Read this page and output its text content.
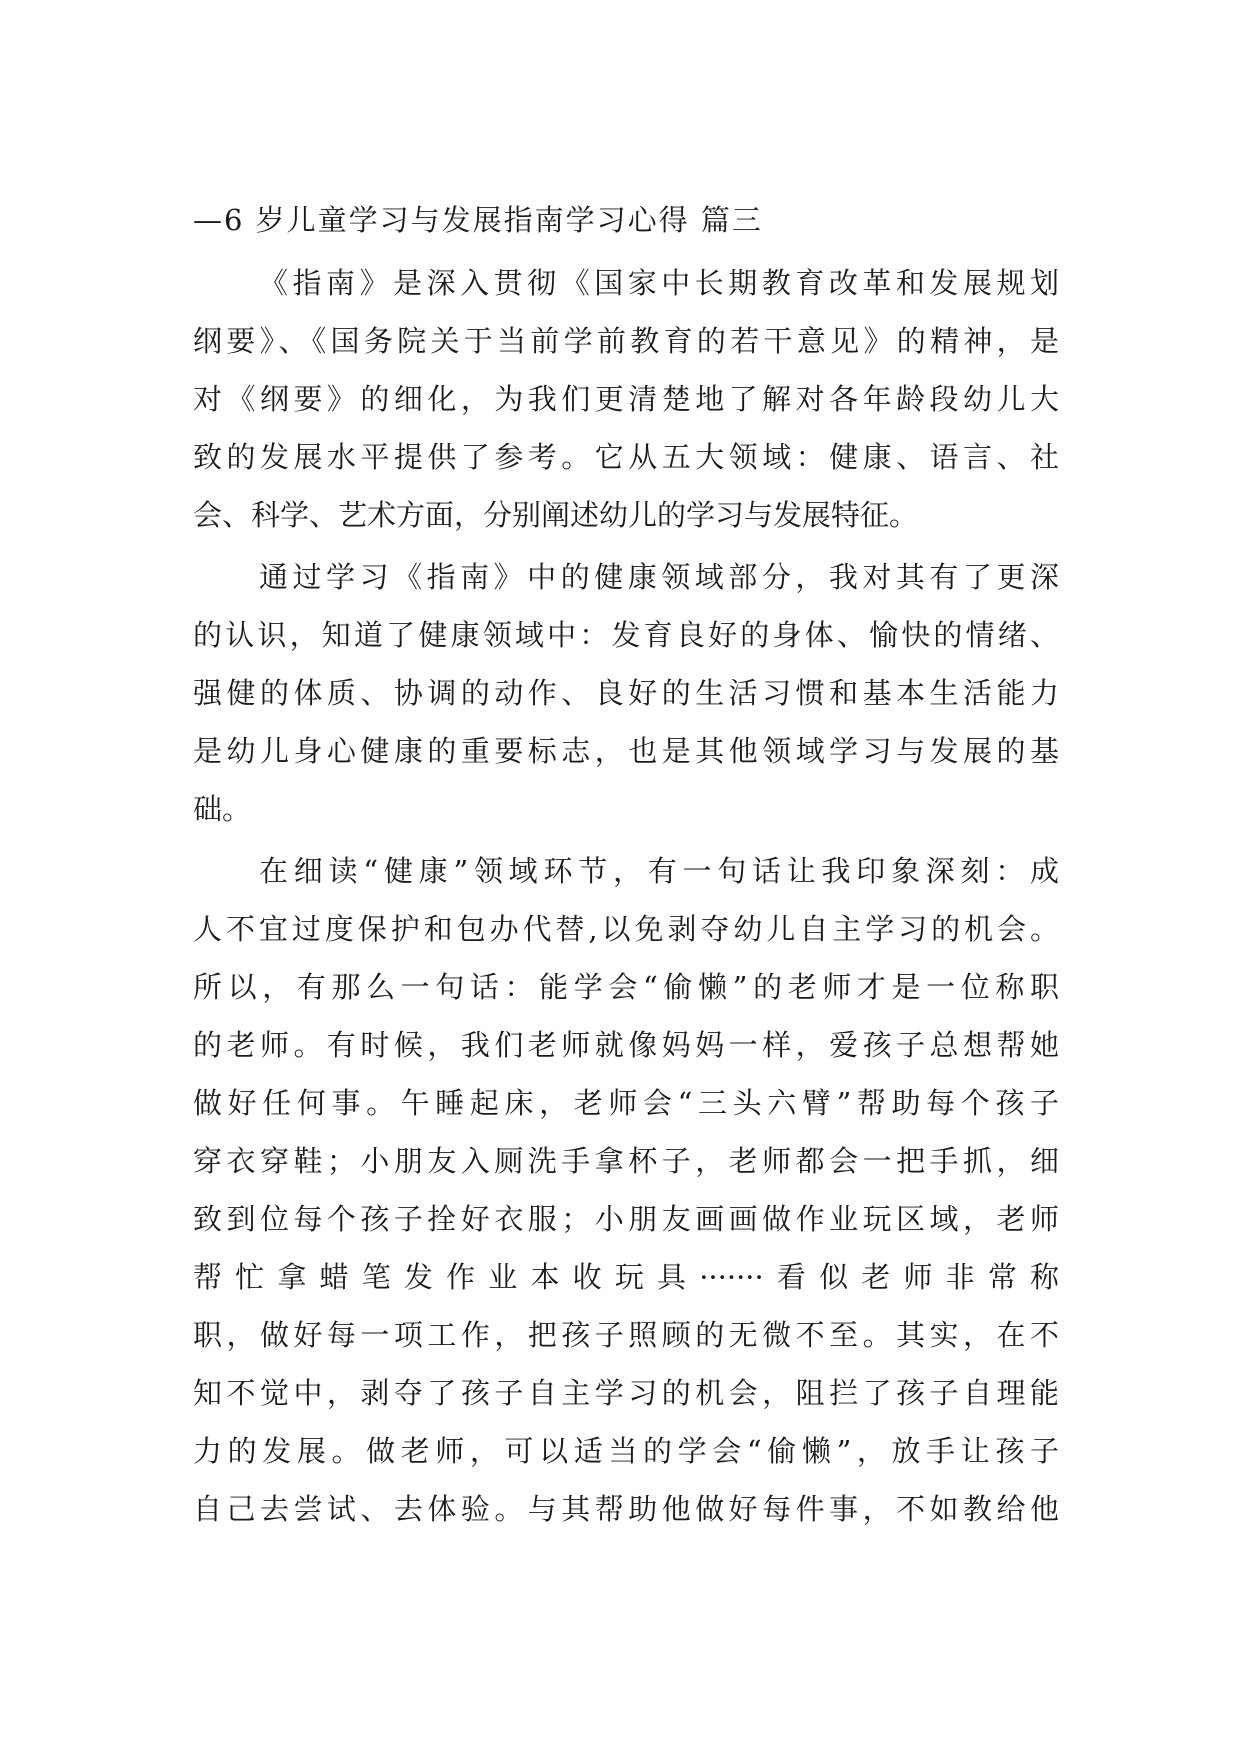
—6 岁儿童学习与发展指南学习心得 篇三
《指南》是深入贯彻《国家中长期教育改革和发展规划
纲要》、《国务院关于当前学前教育的若干意见》的精神，是
对《纲要》的细化，为我们更清楚地了解对各年龄段幼儿大
致的发展水平提供了参考。它从五大领域：健康、语言、社
会、科学、艺术方面，分别阐述幼儿的学习与发展特征。
通过学习《指南》中的健康领域部分，我对其有了更深
的认识，知道了健康领域中：发育良好的身体、愉快的情绪、
强健的体质、协调的动作、良好的生活习惯和基本生活能力
是幼儿身心健康的重要标志，也是其他领域学习与发展的基
础。
在细读“健康”领域环节，有一句话让我印象深刻：成
人不宜过度保护和包办代替,以免剥夺幼儿自主学习的机会。
所以，有那么一句话：能学会“偷懒”的老师才是一位称职
的老师。有时候，我们老师就像妈妈一样，爱孩子总想帮她
做好任何事。午睡起床，老师会“三头六臂”帮助每个孩子
穿衣穿鞋；小朋友入厕洗手拿杯子，老师都会一把手抓，细
致到位每个孩子拴好衣服；小朋友画画做作业玩区域，老师
帮忙拿蜡笔发作业本收玩具·······看似老师非常称
职，做好每一项工作，把孩子照顾的无微不至。其实，在不
知不觉中，剥夺了孩子自主学习的机会，阻拦了孩子自理能
力的发展。做老师，可以适当的学会“偷懒”，放手让孩子
自己去尝试、去体验。与其帮助他做好每件事，不如教给他
